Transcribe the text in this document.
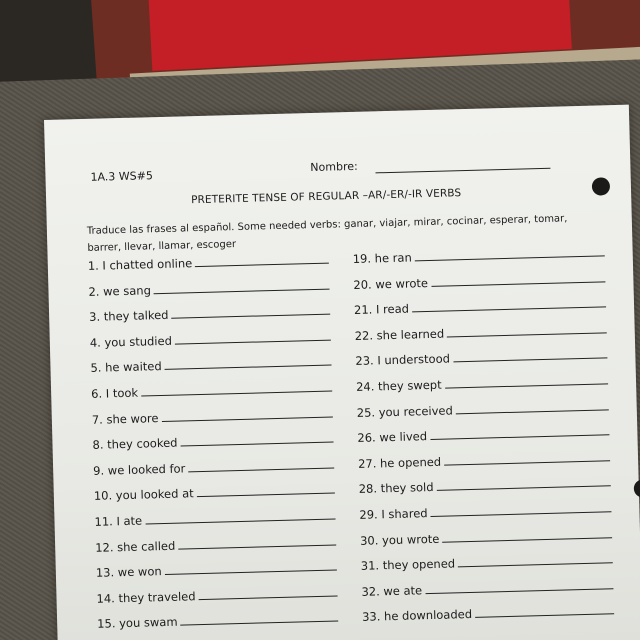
1A.3 WS#5
Nombre:
PRETERITE TENSE OF REGULAR –AR/-ER/-IR VERBS
Traduce las frases al español. Some needed verbs: ganar, viajar, mirar, cocinar, esperar, tomar, barrer, llevar, llamar, escoger
1. I chatted online
2. we sang
3. they talked
4. you studied
5. he waited
6. I took
7. she wore
8. they cooked
9. we looked for
10. you looked at
11. I ate
12. she called
13. we won
14. they traveled
15. you swam
19. he ran
20. we wrote
21. I read
22. she learned
23. I understood
24. they swept
25. you received
26. we lived
27. he opened
28. they sold
29. I shared
30. you wrote
31. they opened
32. we ate
33. he downloaded
